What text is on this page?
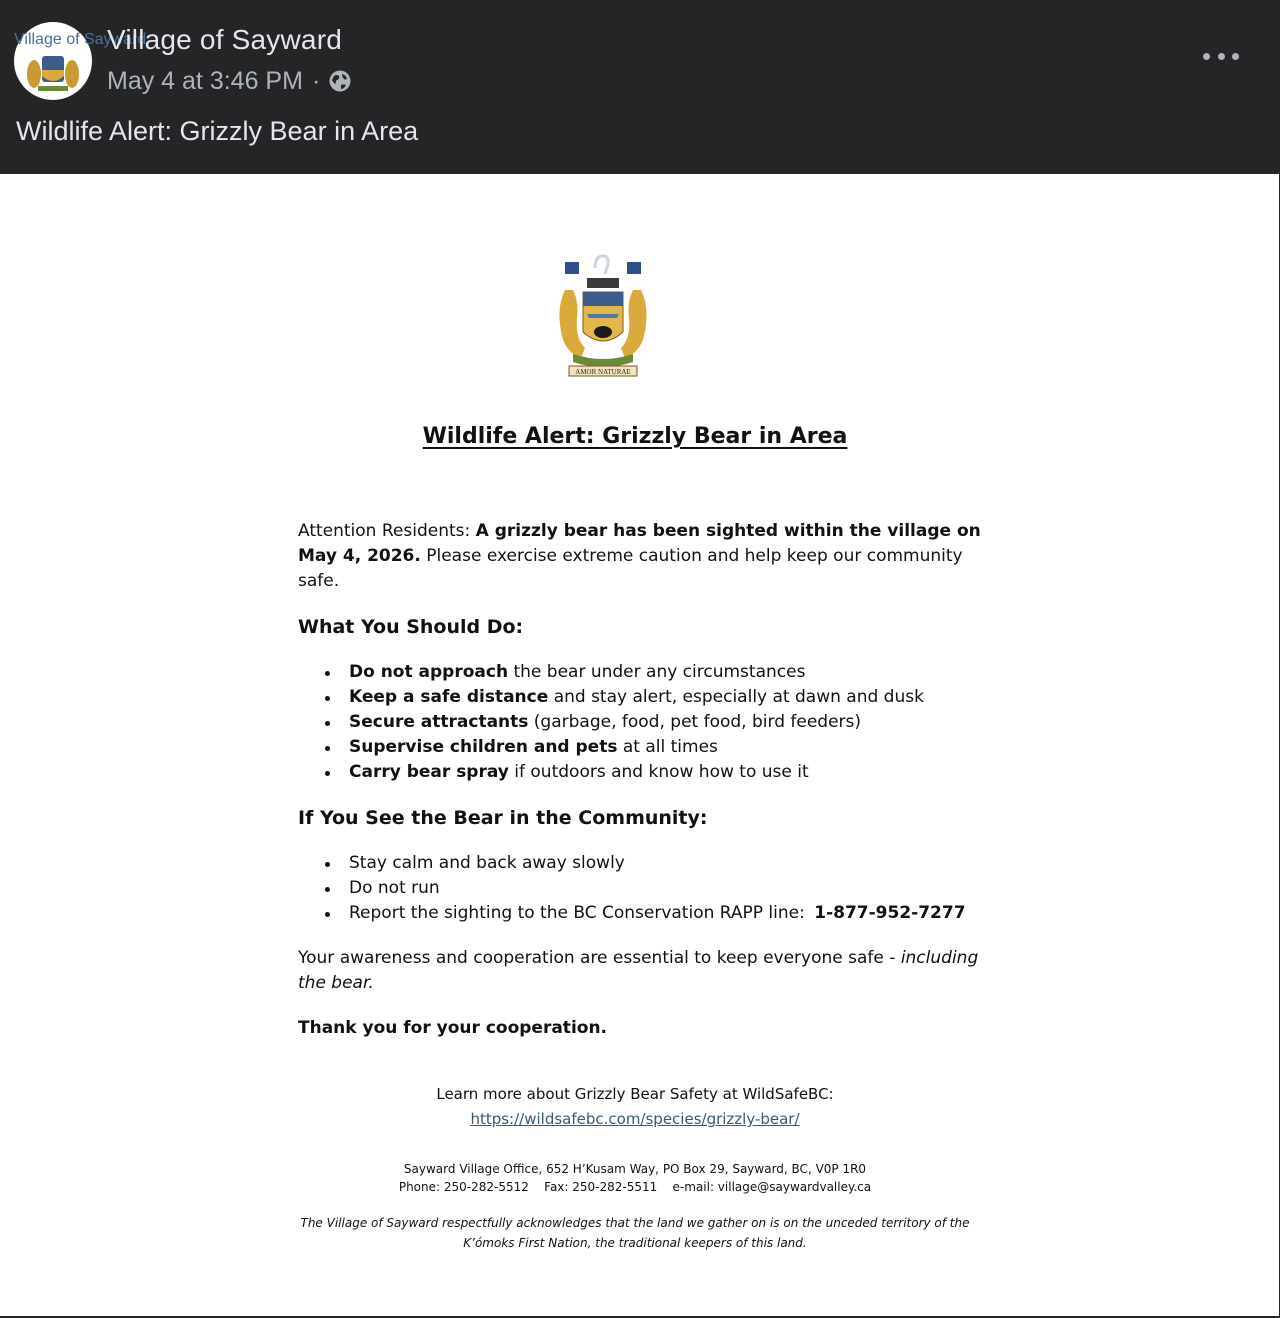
Village of Sayward
Village of Sayward
May 4 at 3:46 PM ·
Wildlife Alert: Grizzly Bear in Area
AMOR NATURAE
Wildlife Alert: Grizzly Bear in Area

Attention Residents: A grizzly bear has been sighted within the village on May 4, 2026. Please exercise extreme caution and help keep our community safe.

What You Should Do:

Do not approach the bear under any circumstances
Keep a safe distance and stay alert, especially at dawn and dusk
Secure attractants (garbage, food, pet food, bird feeders)
Supervise children and pets at all times
Carry bear spray if outdoors and know how to use it

If You See the Bear in the Community:

Stay calm and back away slowly
Do not run
Report the sighting to the BC Conservation RAPP line: 1-877-952-7277

Your awareness and cooperation are essential to keep everyone safe - including the bear.

Thank you for your cooperation.

Learn more about Grizzly Bear Safety at WildSafeBC:
https://wildsafebc.com/species/grizzly-bear/
Sayward Village Office, 652 H’Kusam Way, PO Box 29, Sayward, BC, V0P 1R0
Phone: 250-282-5512    Fax: 250-282-5511    e-mail: village@saywardvalley.ca
The Village of Sayward respectfully acknowledges that the land we gather on is on the unceded territory of the K’ómoks First Nation, the traditional keepers of this land.
